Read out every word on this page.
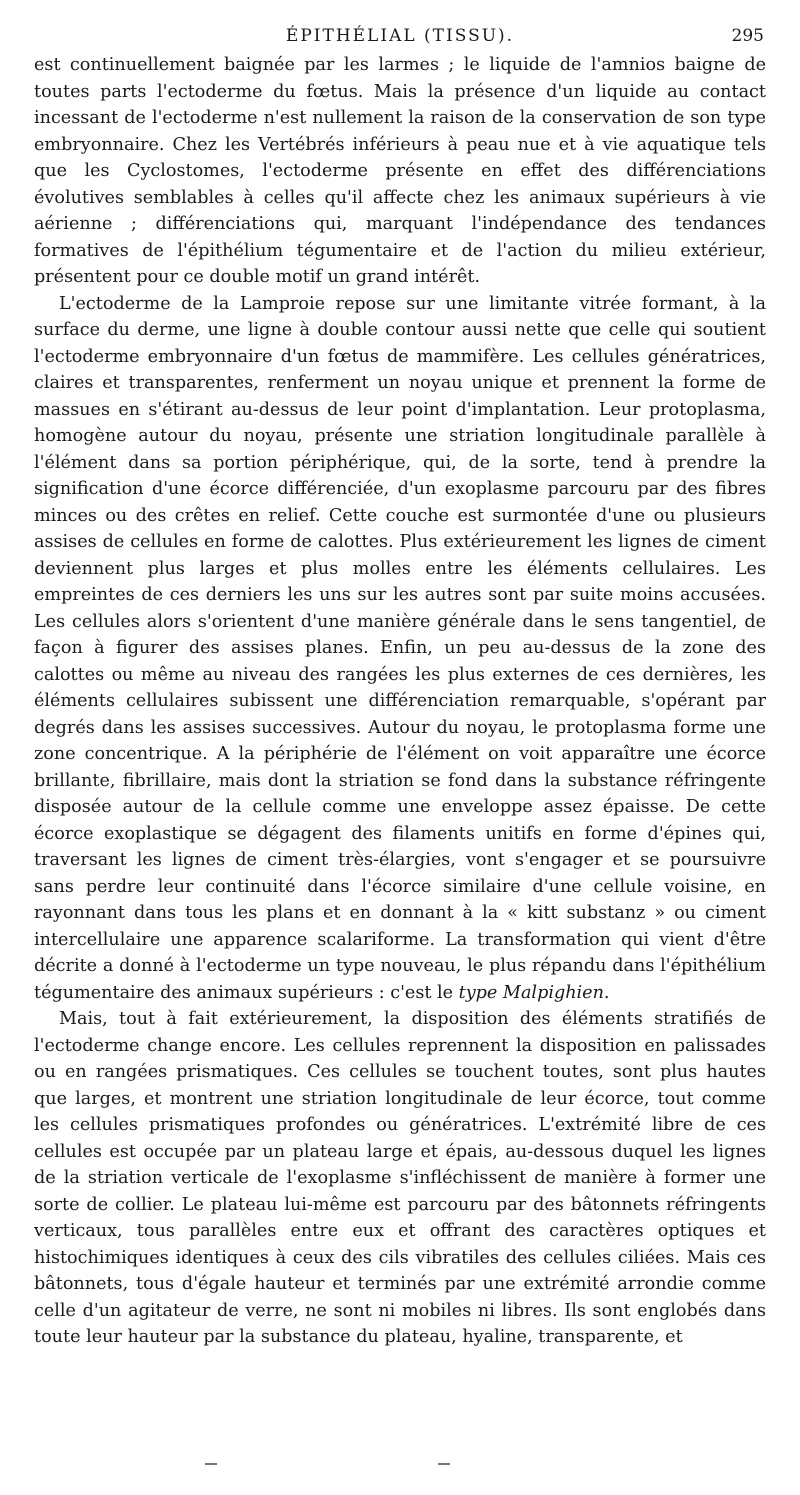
ÉPITHÉLIAL (TISSU).	295

est continuellement baignée par les larmes ; le liquide de l'amnios baigne de toutes parts l'ectoderme du fœtus. Mais la présence d'un liquide au contact incessant de l'ectoderme n'est nullement la raison de la conservation de son type embryonnaire. Chez les Vertébrés inférieurs à peau nue et à vie aquatique tels que les Cyclostomes, l'ectoderme présente en effet des différenciations évolutives semblables à celles qu'il affecte chez les animaux supérieurs à vie aérienne ; différenciations qui, marquant l'indépendance des tendances formatives de l'épithélium tégumentaire et de l'action du milieu extérieur, présentent pour ce double motif un grand intérêt.

L'ectoderme de la Lamproie repose sur une limitante vitrée formant, à la surface du derme, une ligne à double contour aussi nette que celle qui soutient l'ectoderme embryonnaire d'un fœtus de mammifère. Les cellules génératrices, claires et transparentes, renferment un noyau unique et prennent la forme de massues en s'étirant au-dessus de leur point d'implantation. Leur protoplasma, homogène autour du noyau, présente une striation longitudinale parallèle à l'élément dans sa portion périphérique, qui, de la sorte, tend à prendre la signification d'une écorce différenciée, d'un exoplasme parcouru par des fibres minces ou des crêtes en relief. Cette couche est surmontée d'une ou plusieurs assises de cellules en forme de calottes. Plus extérieurement les lignes de ciment deviennent plus larges et plus molles entre les éléments cellulaires. Les empreintes de ces derniers les uns sur les autres sont par suite moins accusées. Les cellules alors s'orientent d'une manière générale dans le sens tangentiel, de façon à figurer des assises planes. Enfin, un peu au-dessus de la zone des calottes ou même au niveau des rangées les plus externes de ces dernières, les éléments cellulaires subissent une différenciation remarquable, s'opérant par degrés dans les assises successives. Autour du noyau, le protoplasma forme une zone concentrique. A la périphérie de l'élément on voit apparaître une écorce brillante, fibrillaire, mais dont la striation se fond dans la substance réfringente disposée autour de la cellule comme une enveloppe assez épaisse. De cette écorce exoplastique se dégagent des filaments unitifs en forme d'épines qui, traversant les lignes de ciment très-élargies, vont s'engager et se poursuivre sans perdre leur continuité dans l'écorce similaire d'une cellule voisine, en rayonnant dans tous les plans et en donnant à la « kitt substanz » ou ciment intercellulaire une apparence scalariforme. La transformation qui vient d'être décrite a donné à l'ectoderme un type nouveau, le plus répandu dans l'épithélium tégumentaire des animaux supérieurs : c'est le type Malpighien.

Mais, tout à fait extérieurement, la disposition des éléments stratifiés de l'ectoderme change encore. Les cellules reprennent la disposition en palissades ou en rangées prismatiques. Ces cellules se touchent toutes, sont plus hautes que larges, et montrent une striation longitudinale de leur écorce, tout comme les cellules prismatiques profondes ou génératrices. L'extrémité libre de ces cellules est occupée par un plateau large et épais, au-dessous duquel les lignes de la striation verticale de l'exoplasme s'infléchissent de manière à former une sorte de collier. Le plateau lui-même est parcouru par des bâtonnets réfringents verticaux, tous parallèles entre eux et offrant des caractères optiques et histochimiques identiques à ceux des cils vibratiles des cellules ciliées. Mais ces bâtonnets, tous d'égale hauteur et terminés par une extrémité arrondie comme celle d'un agitateur de verre, ne sont ni mobiles ni libres. Ils sont englobés dans toute leur hauteur par la substance du plateau, hyaline, transparente, et
